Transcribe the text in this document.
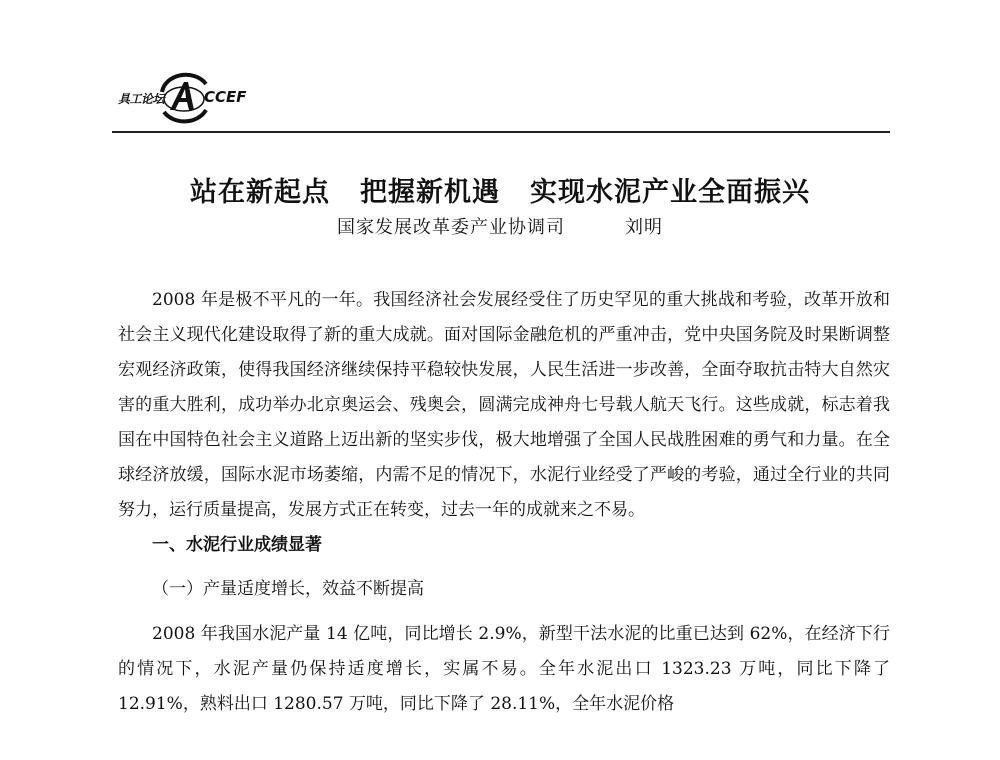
具工论坛	CCEF
站在新起点 把握新机遇 实现水泥产业全面振兴
国家发展改革委产业协调司	刘明

2008 年是极不平凡的一年。我国经济社会发展经受住了历史罕见的重大挑战和考验，改革开放和社会主义现代化建设取得了新的重大成就。面对国际金融危机的严重冲击，党中央国务院及时果断调整宏观经济政策，使得我国经济继续保持平稳较快发展，人民生活进一步改善，全面夺取抗击特大自然灾害的重大胜利，成功举办北京奥运会、残奥会，圆满完成神舟七号载人航天飞行。这些成就，标志着我国在中国特色社会主义道路上迈出新的坚实步伐，极大地增强了全国人民战胜困难的勇气和力量。在全球经济放缓，国际水泥市场萎缩，内需不足的情况下，水泥行业经受了严峻的考验，通过全行业的共同努力，运行质量提高，发展方式正在转变，过去一年的成就来之不易。

一、水泥行业成绩显著

（一）产量适度增长，效益不断提高

2008 年我国水泥产量 14 亿吨，同比增长 2.9%，新型干法水泥的比重已达到 62%，在经济下行的情况下，水泥产量仍保持适度增长，实属不易。全年水泥出口 1323.23 万吨，同比下降了 12.91%，熟料出口 1280.57 万吨，同比下降了 28.11%，全年水泥价格
